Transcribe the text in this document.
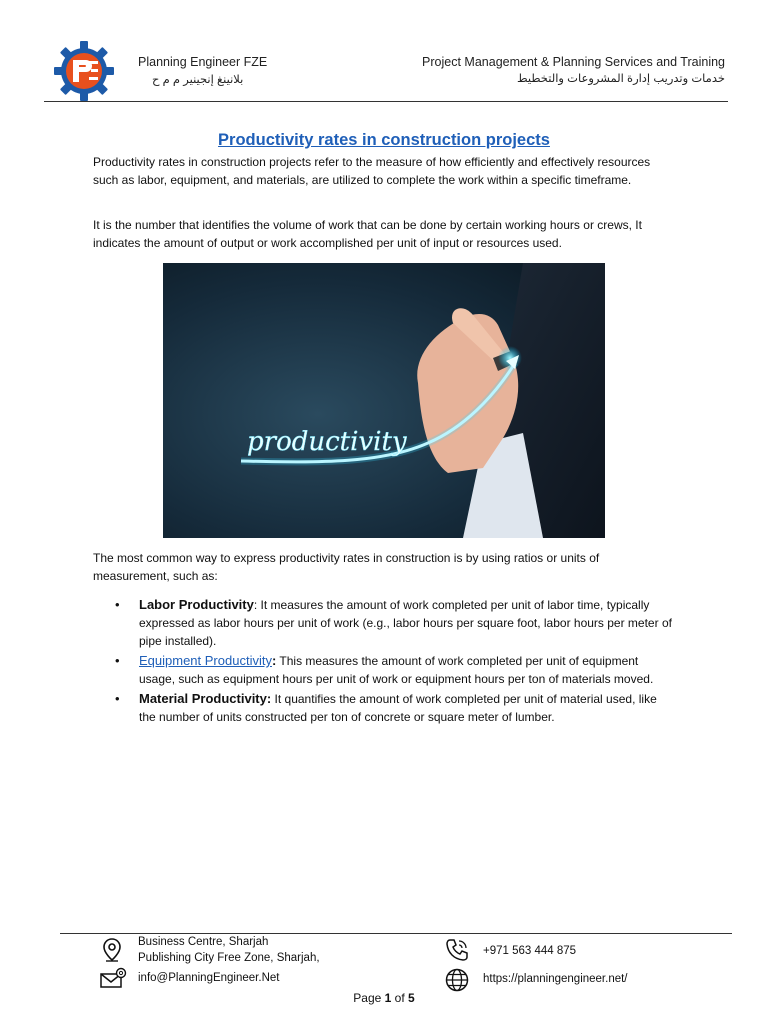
Planning Engineer FZE
بلانينغ إنجينير م م ح
Project Management & Planning Services and Training
خدمات وتدريب إدارة المشروعات والتخطيط
Productivity rates in construction projects
Productivity rates in construction projects refer to the measure of how efficiently and effectively resources such as labor, equipment, and materials, are utilized to complete the work within a specific timeframe.
It is the number that identifies the volume of work that can be done by certain working hours or crews, It indicates the amount of output or work accomplished per unit of input or resources used.
productivity
The most common way to express productivity rates in construction is by using ratios or units of measurement, such as:
• Labor Productivity: It measures the amount of work completed per unit of labor time, typically expressed as labor hours per unit of work (e.g., labor hours per square foot, labor hours per meter of pipe installed).
• Equipment Productivity: This measures the amount of work completed per unit of equipment usage, such as equipment hours per unit of work or equipment hours per ton of materials moved.
• Material Productivity: It quantifies the amount of work completed per unit of material used, like the number of units constructed per ton of concrete or square meter of lumber.
Business Centre, Sharjah
Publishing City Free Zone, Sharjah,
info@PlanningEngineer.Net
+971 563 444 875
https://planningengineer.net/
Page 1 of 5
